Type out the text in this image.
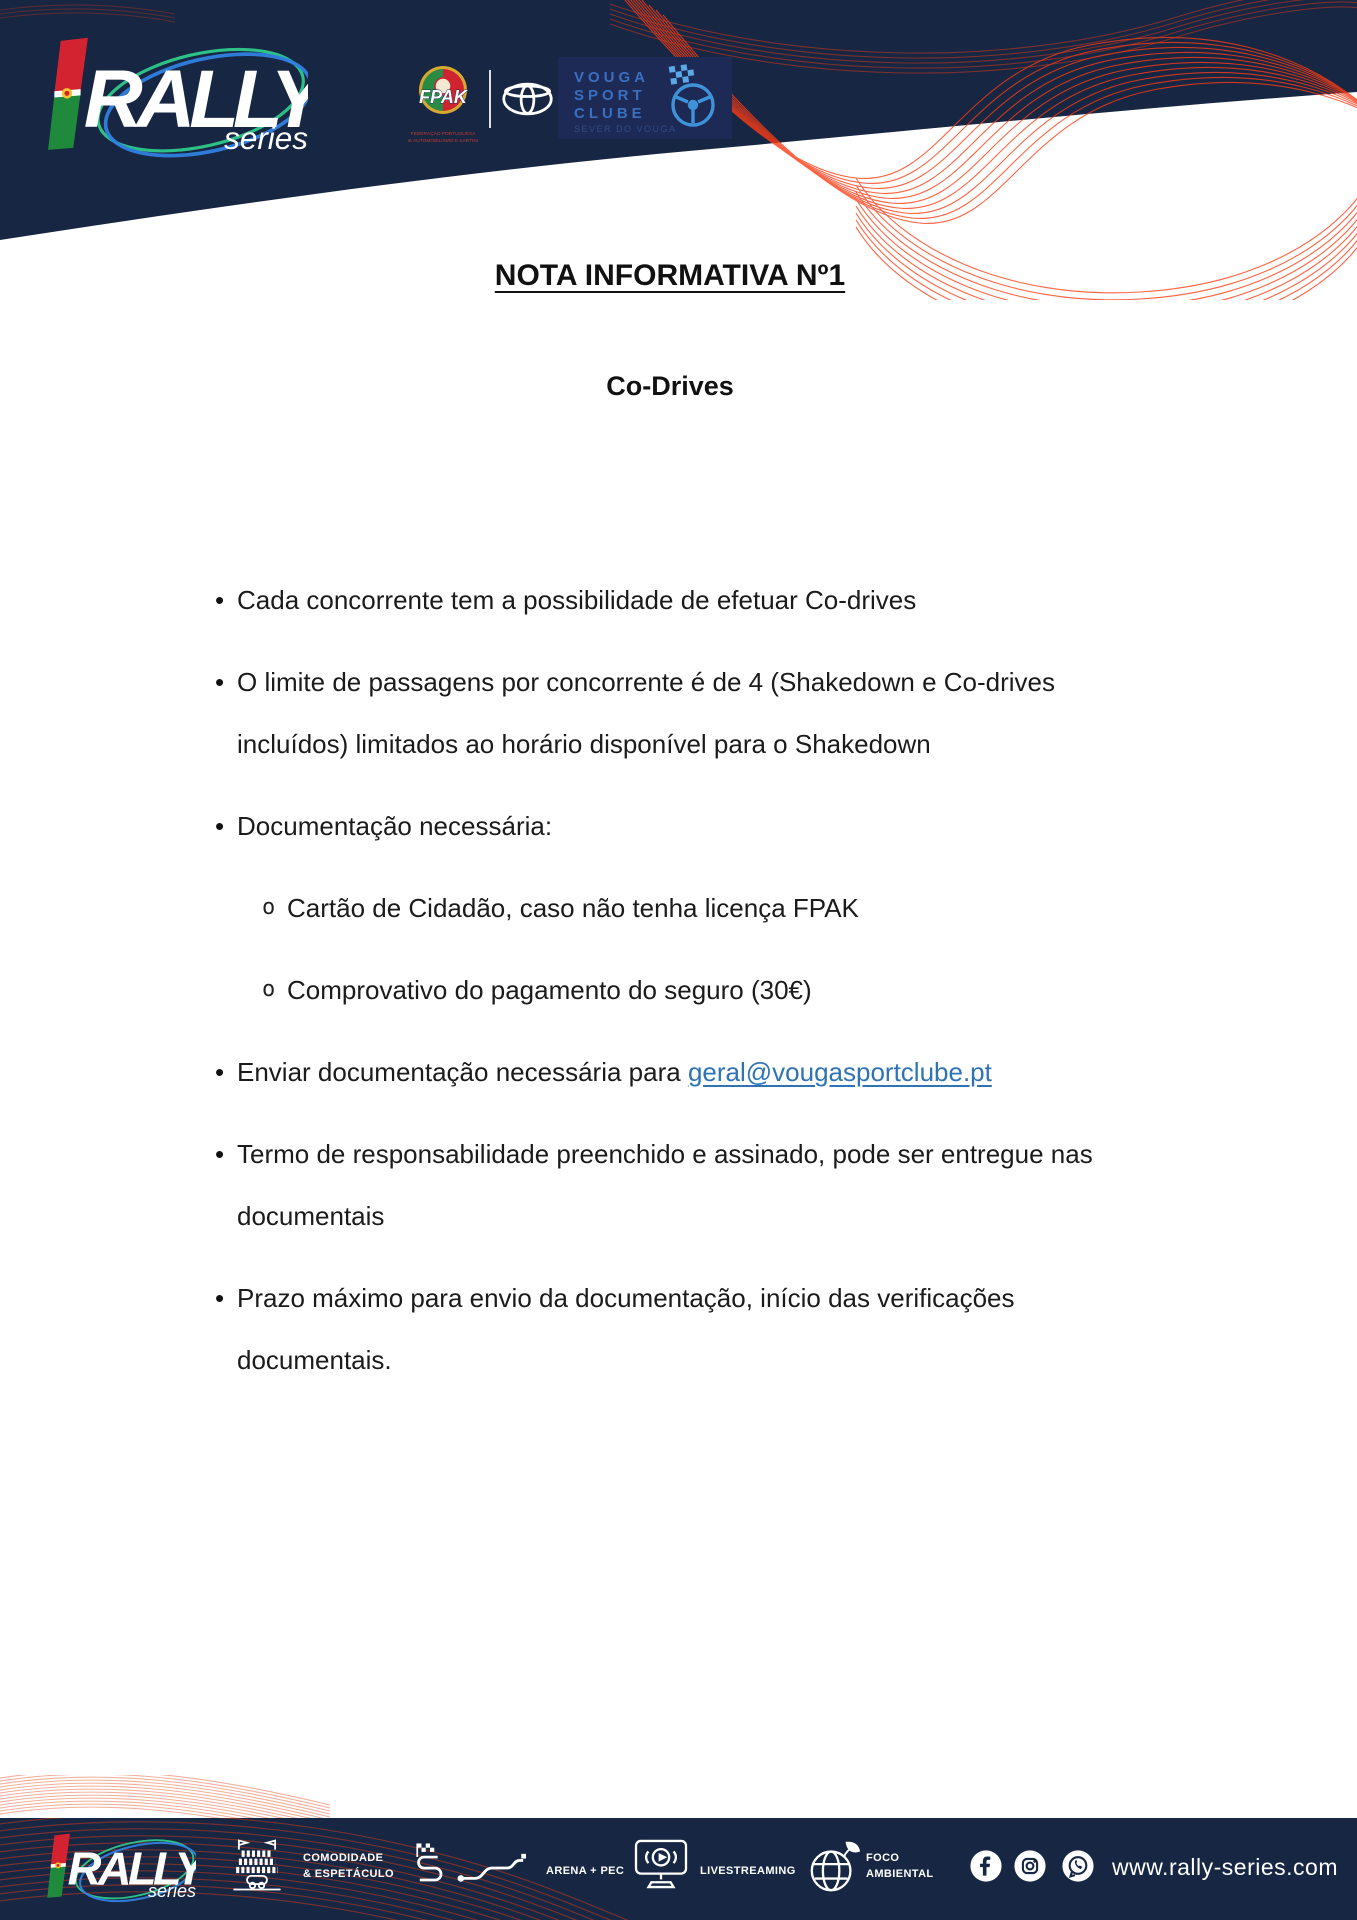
NOTA INFORMATIVA Nº1
Co-Drives
• Cada concorrente tem a possibilidade de efetuar Co-drives
• O limite de passagens por concorrente é de 4 (Shakedown e Co-drives
incluídos) limitados ao horário disponível para o Shakedown
• Documentação necessária:
o Cartão de Cidadão, caso não tenha licença FPAK
o Comprovativo do pagamento do seguro (30€)
• Enviar documentação necessária para geral@vougasportclube.pt
• Termo de responsabilidade preenchido e assinado, pode ser entregue nas
documentais
• Prazo máximo para envio da documentação, início das verificações
documentais.
COMODIDADE
& ESPETÁCULO	ARENA + PEC	LIVESTREAMING
FOCO
AMBIENTAL	www.rally-series.com
